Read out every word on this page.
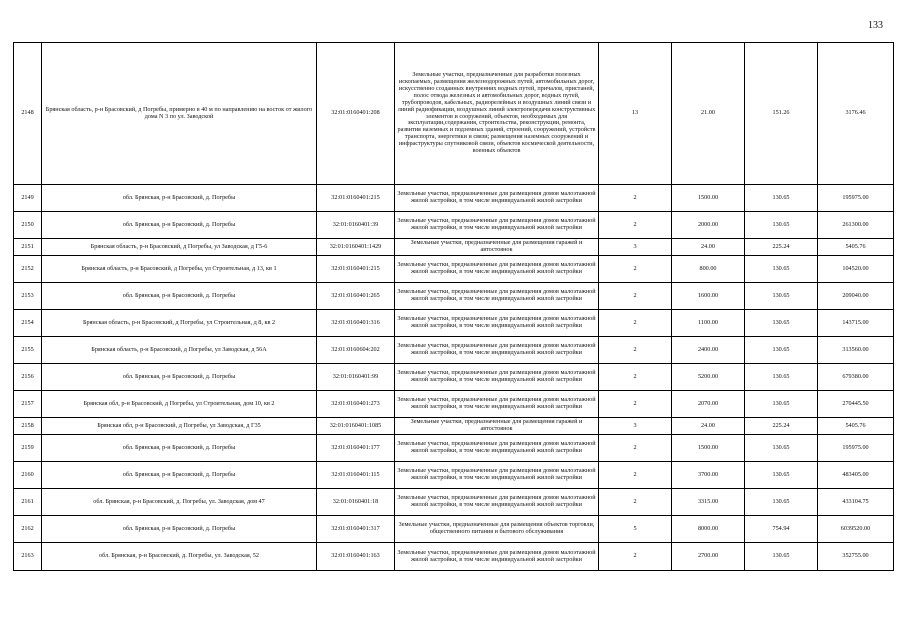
133
2148	Брянская область, р-н Брасовский, д Погребы, примерно в 40 м по направлению на восток от жилого дома N 3 по ул. Заводской	32:01:0160401:208	Земельные участки, предназначенные для разработки полезных ископаемых, размещения железнодорожных путей, автомобильных дорог, искусственно созданных внутренних водных путей, причалов, пристаней, полос отвода железных и автомобильных дорог, водных путей, трубопроводов, кабельных, радиорелейных и воздушных линий связи и линий радиофикации, воздушных линий электропередачи конструктивных элементов и сооружений, объектов, необходимых для эксплуатации,содержания, строительства, реконструкции, ремонта, развития наземных и подземных зданий, строений, сооружений, устройств транспорта, энергетики и связи; размещения наземных сооружений и инфраструктуры спутниковой связи, объектов космической деятельности, военных объектов	13	21.00	151.26	3176.46
2149	обл. Брянская, р-н Брасовский, д. Погребы	32:01:0160401:215	Земельные участки, предназначенные для размещения домов малоэтажной жилой застройки, в том числе индивидуальной жилой застройки	2	1500.00	130.65	195975.00
2150	обл. Брянская, р-н Брасовский, д. Погребы	32:01:0160401:39	Земельные участки, предназначенные для размещения домов малоэтажной жилой застройки, в том числе индивидуальной жилой застройки	2	2000.00	130.65	261300.00
2151	Брянская область, р-н Брасовский, д Погребы, ул Заводская, д Г5-6	32:01:0160401:1429	Земельные участки, предназначенные для размещения гаражей и автостоянок	3	24.00	225.24	5405.76
2152	Брянская область, р-н Брасовский, д Погребы, ул Строительная, д 13, кв 1	32:01:0160401:215	Земельные участки, предназначенные для размещения домов малоэтажной жилой застройки, в том числе индивидуальной жилой застройки	2	800.00	130.65	104520.00
2153	обл. Брянская, р-н Брасовский, д. Погребы	32:01:0160401:265	Земельные участки, предназначенные для размещения домов малоэтажной жилой застройки, в том числе индивидуальной жилой застройки	2	1600.00	130.65	209040.00
2154	Брянская область, р-н Брасовский, д Погребы, ул Строительная, д 8, кв 2	32:01:0160401:316	Земельные участки, предназначенные для размещения домов малоэтажной жилой застройки, в том числе индивидуальной жилой застройки	2	1100.00	130.65	143715.00
2155	Брянская область, р-н Брасовский, д Погребы, ул Заводская, д 56А	32:01:0160604:202	Земельные участки, предназначенные для размещения домов малоэтажной жилой застройки, в том числе индивидуальной жилой застройки	2	2400.00	130.65	313560.00
2156	обл. Брянская, р-н Брасовский, д. Погребы	32:01:0160401:99	Земельные участки, предназначенные для размещения домов малоэтажной жилой застройки, в том числе индивидуальной жилой застройки	2	5200.00	130.65	679380.00
2157	Брянская обл, р-н Брасовский, д Погребы, ул Строительная, дом 10, кв 2	32:01:0160401:273	Земельные участки, предназначенные для размещения домов малоэтажной жилой застройки, в том числе индивидуальной жилой застройки	2	2070.00	130.65	270445.50
2158	Брянская обл, р-н Брасовский, д Погребы, ул Заводская, д Г35	32:01:0160401:1085	Земельные участки, предназначенные для размещения гаражей и автостоянок	3	24.00	225.24	5405.76
2159	обл. Брянская, р-н Брасовский, д. Погребы	32:01:0160401:177	Земельные участки, предназначенные для размещения домов малоэтажной жилой застройки, в том числе индивидуальной жилой застройки	2	1500.00	130.65	195975.00
2160	обл. Брянская, р-н Брасовский, д. Погребы	32:01:0160401:115	Земельные участки, предназначенные для размещения домов малоэтажной жилой застройки, в том числе индивидуальной жилой застройки	2	3700.00	130.65	483405.00
2161	обл. Брянская, р-н Брасовский, д. Погребы, ул. Заводская, дом 47	32:01:0160401:18	Земельные участки, предназначенные для размещения домов малоэтажной жилой застройки, в том числе индивидуальной жилой застройки	2	3315.00	130.65	433104.75
2162	обл. Брянская, р-н Брасовский, д. Погребы	32:01:0160401:317	Земельные участки, предназначенные для размещения объектов торговли, общественного питания и бытового обслуживания	5	8000.00	754.94	6039520.00
2163	обл. Брянская, р-н Брасовский, д. Погребы, ул. Заводская, 52	32:01:0160401:163	Земельные участки, предназначенные для размещения домов малоэтажной жилой застройки, в том числе индивидуальной жилой застройки	2	2700.00	130.65	352755.00
